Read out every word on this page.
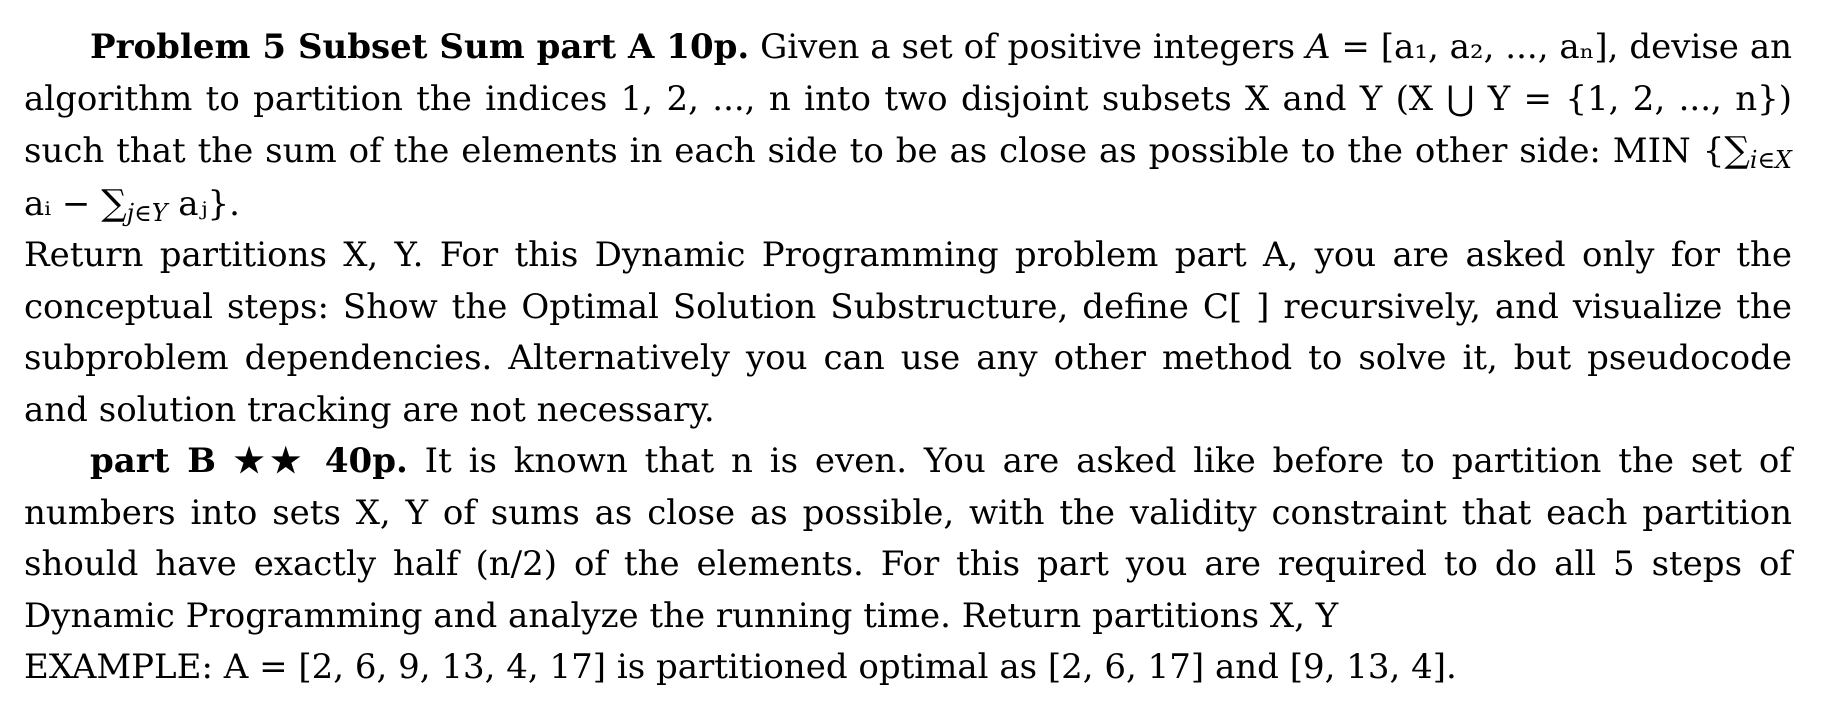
Problem 5 Subset Sum part A 10p. Given a set of positive integers A = [a₁, a₂, ..., aₙ], devise an algorithm to partition the indices 1, 2, ..., n into two disjoint subsets X and Y (X ⋃ Y = {1, 2, ..., n}) such that the sum of the elements in each side to be as close as possible to the other side: MIN {$\sum_{i\in X}$ aᵢ − $\sum_{j\in Y}$ aⱼ}.

Return partitions X, Y. For this Dynamic Programming problem part A, you are asked only for the conceptual steps: Show the Optimal Solution Substructure, define C[ ] recursively, and visualize the subproblem dependencies. Alternatively you can use any other method to solve it, but pseudocode and solution tracking are not necessary.

part B ★★ 40p. It is known that n is even. You are asked like before to partition the set of numbers into sets X, Y of sums as close as possible, with the validity constraint that each partition should have exactly half (n/2) of the elements. For this part you are required to do all 5 steps of Dynamic Programming and analyze the running time. Return partitions X, Y

EXAMPLE: A = [2, 6, 9, 13, 4, 17] is partitioned optimal as [2, 6, 17] and [9, 13, 4].
